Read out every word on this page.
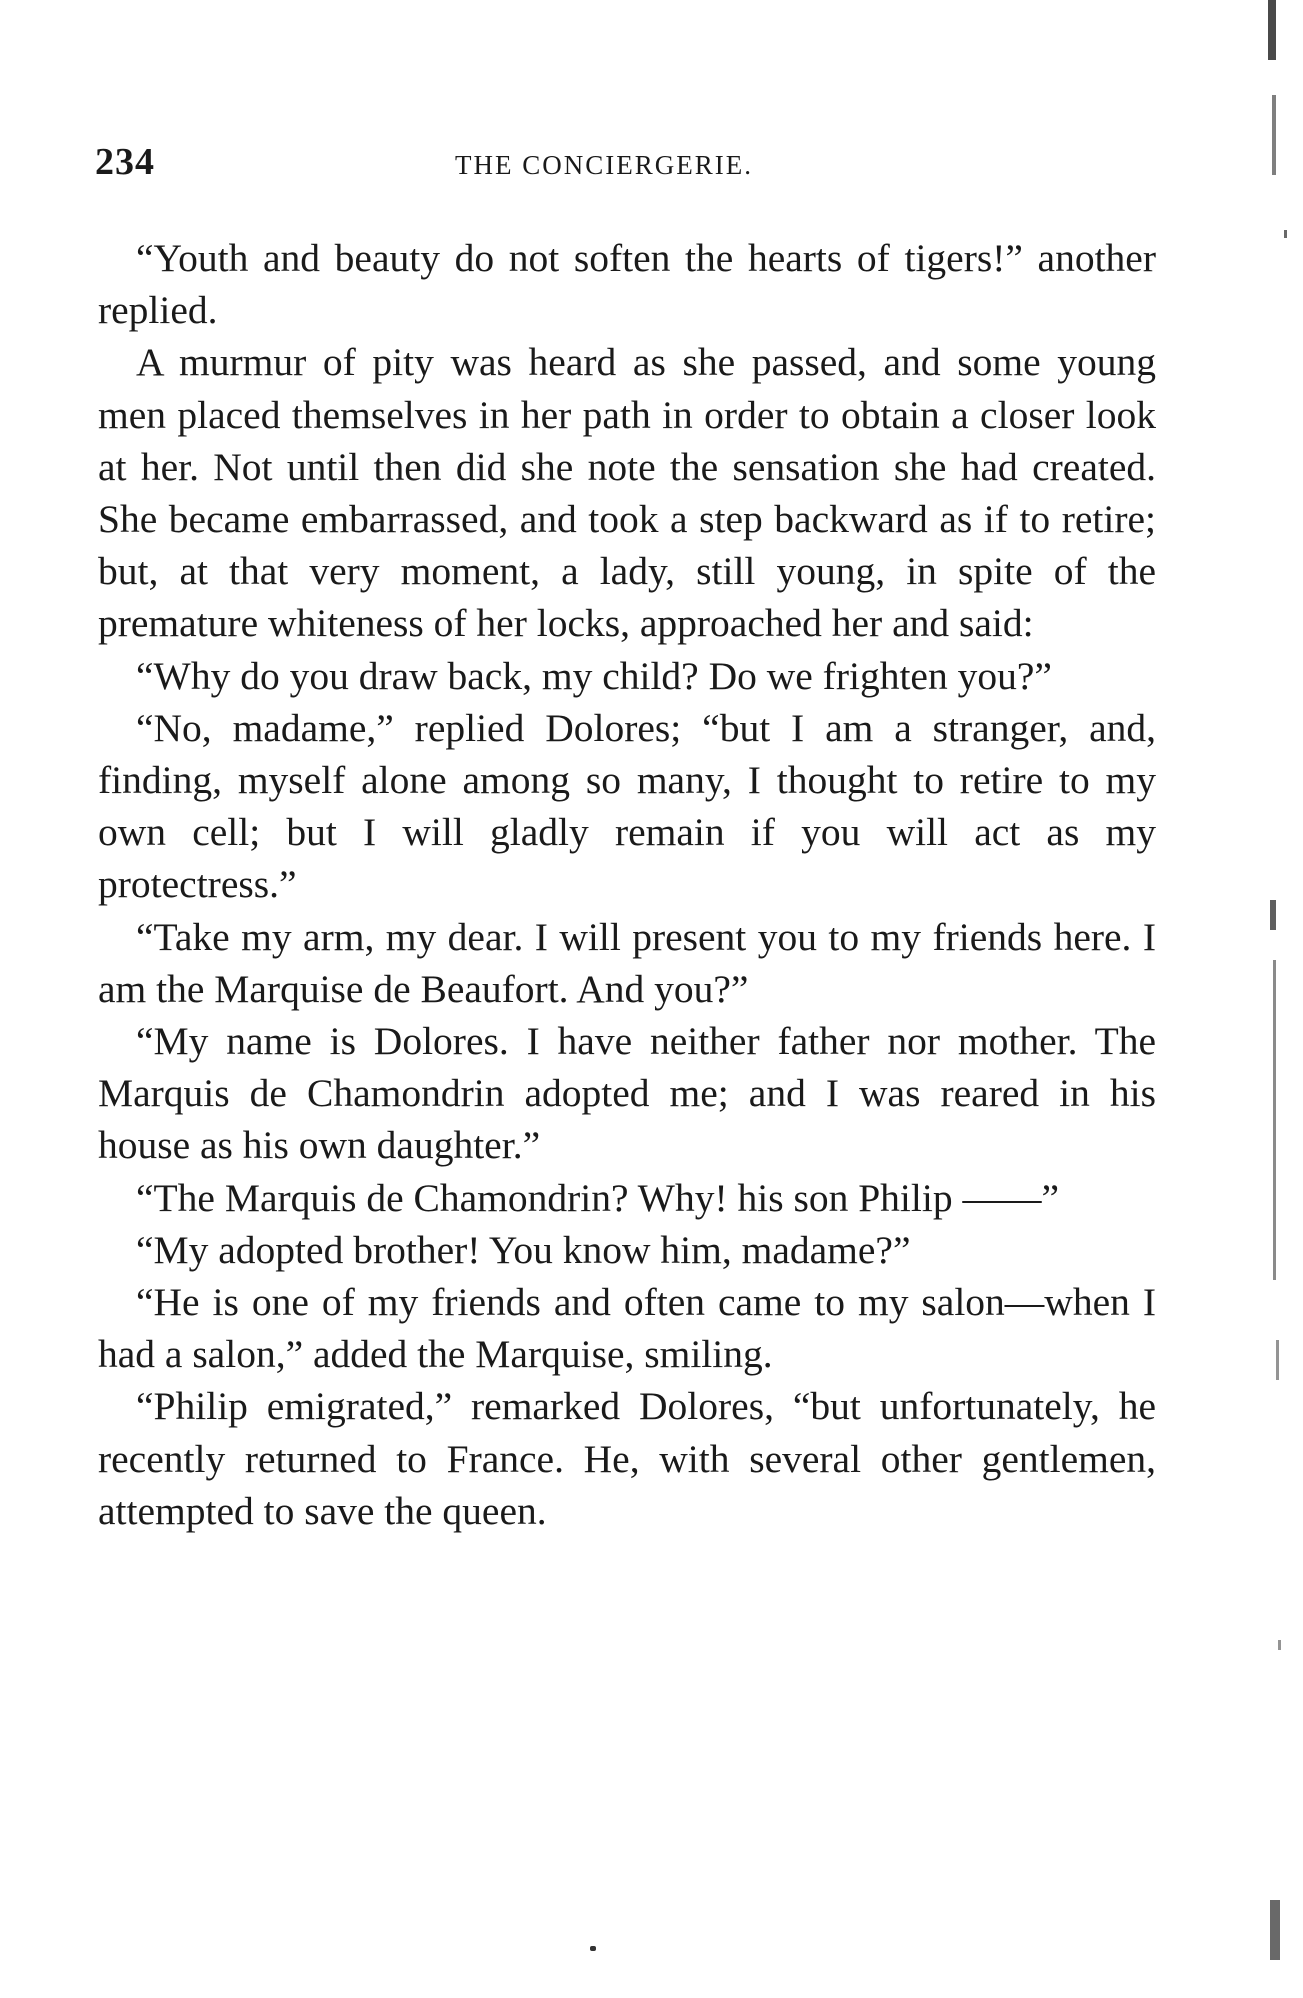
234	THE CONCIERGERIE.

“Youth and beauty do not soften the hearts of tigers!” another replied.

A murmur of pity was heard as she passed, and some young men placed themselves in her path in order to obtain a closer look at her. Not until then did she note the sensation she had created. She became embarrassed, and took a step backward as if to retire; but, at that very moment, a lady, still young, in spite of the premature whiteness of her locks, approached her and said:

“Why do you draw back, my child? Do we frighten you?”

“No, madame,” replied Dolores; “but I am a stranger, and, finding, myself alone among so many, I thought to retire to my own cell; but I will gladly remain if you will act as my protectress.”

“Take my arm, my dear. I will present you to my friends here. I am the Marquise de Beaufort. And you?”

“My name is Dolores. I have neither father nor mother. The Marquis de Chamondrin adopted me; and I was reared in his house as his own daughter.”

“The Marquis de Chamondrin? Why! his son Philip ——”

“My adopted brother! You know him, madame?”

“He is one of my friends and often came to my salon—when I had a salon,” added the Marquise, smiling.

“Philip emigrated,” remarked Dolores, “but unfortunately, he recently returned to France. He, with several other gentlemen, attempted to save the queen.
